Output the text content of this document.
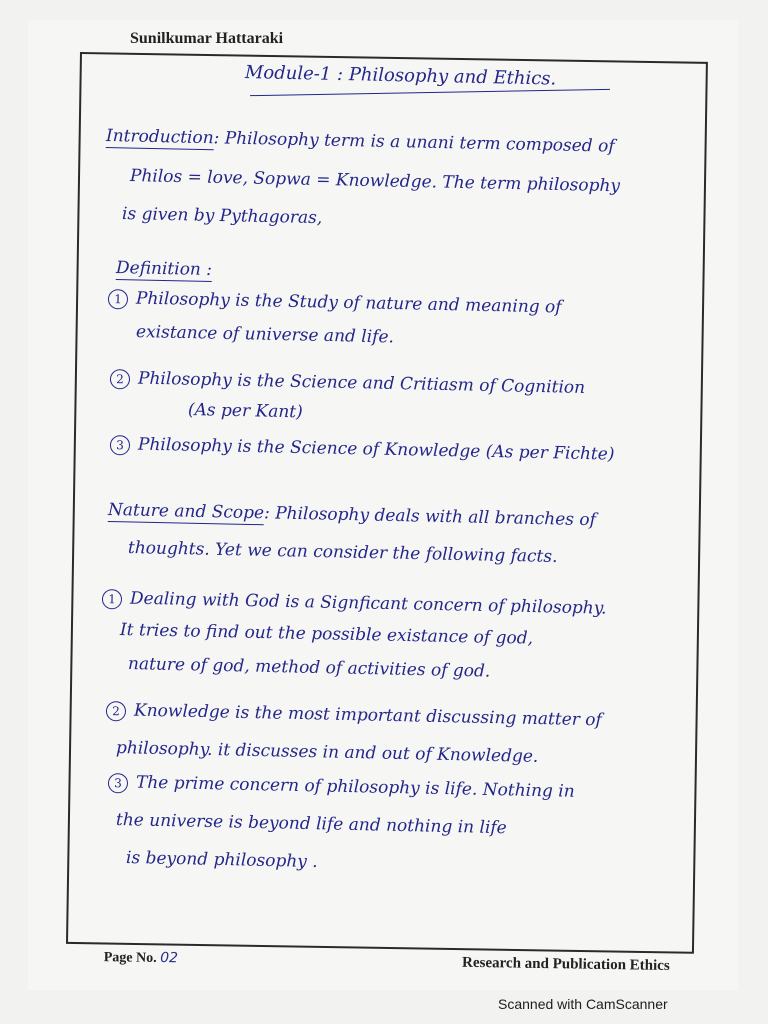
Sunilkumar Hattaraki
Module-1 : Philosophy and Ethics.
Introduction: Philosophy term is a unani term composed of
Philos = love, Sopwa = Knowledge. The term philosophy
is given by Pythagoras,
Definition :
1 Philosophy is the Study of nature and meaning of
existance of universe and life.
2 Philosophy is the Science and Critiasm of Cognition
(As per Kant)
3 Philosophy is the Science of Knowledge (As per Fichte)
Nature and Scope: Philosophy deals with all branches of
thoughts. Yet we can consider the following facts.
1 Dealing with God is a Signficant concern of philosophy.
It tries to find out the possible existance of god,
nature of god, method of activities of god.
2 Knowledge is the most important discussing matter of
philosophy. it discusses in and out of Knowledge.
3 The prime concern of philosophy is life. Nothing in
the universe is beyond life and nothing in life
is beyond philosophy .
Page No. 02	Research and Publication Ethics
Scanned with CamScanner
